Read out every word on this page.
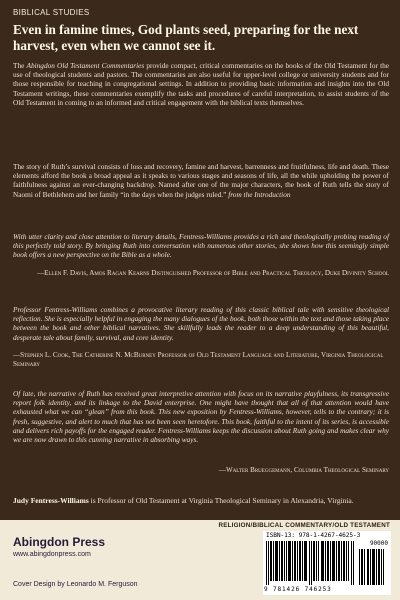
BIBLICAL STUDIES
Even in famine times, God plants seed, preparing for the next harvest, even when we cannot see it.

The Abingdon Old Testament Commentaries provide compact, critical commentaries on the books of the Old Testament for the use of theological students and pastors. The commentaries are also useful for upper-level college or university students and for those responsible for teaching in congregational settings. In addition to providing basic information and insights into the Old Testament writings, these commentaries exemplify the tasks and procedures of careful interpretation, to assist students of the Old Testament in coming to an informed and critical engagement with the biblical texts themselves.

The story of Ruth’s survival consists of loss and recovery, famine and harvest, barrenness and fruitfulness, life and death. These elements afford the book a broad appeal as it speaks to various stages and seasons of life, all the while upholding the power of faithfulness against an ever-changing backdrop. Named after one of the major characters, the book of Ruth tells the story of Naomi of Bethlehem and her family “in the days when the judges ruled.” from the Introduction

With utter clarity and close attention to literary details, Fentress-Williams provides a rich and theologically probing reading of this perfectly told story. By bringing Ruth into conversation with numerous other stories, she shows how this seemingly simple book offers a new perspective on the Bible as a whole.

—Ellen F. Davis, Amos Ragan Kearns Distinguished Professor of Bible and Practical Theology, Duke Divinity School

Professor Fentress-Williams combines a provocative literary reading of this classic biblical tale with sensitive theological reflection. She is especially helpful in engaging the many dialogues of the book, both those within the text and those taking place between the book and other biblical narratives. She skillfully leads the reader to a deep understanding of this beautiful, desperate tale about family, survival, and core identity.

—Stephen L. Cook, The Catherine N. McBurney Professor of Old Testament Language and Literature, Virginia Theological Seminary

Of late, the narrative of Ruth has received great interpretive attention with focus on its narrative playfulness, its transgressive report folk identity, and its linkage to the David enterprise. One might have thought that all of that attention would have exhausted what we can “glean” from this book. This new exposition by Fentress-Williams, however, tells to the contrary; it is fresh, suggestive, and alert to much that has not been seen heretofore. This book, faithful to the intent of its series, is accessible and delivers rich payoffs for the engaged reader. Fentress-Williams keeps the discussion about Ruth going and makes clear why we are now drawn to this cunning narrative in absorbing ways.

—Walter Brueggemann, Columbia Theological Seminary

Judy Fentress-Williams is Professor of Old Testament at Virginia Theological Seminary in Alexandria, Virginia.

RELIGION/BIBLICAL COMMENTARY/OLD TESTAMENT
Abingdon Press
www.abingdonpress.com
Cover Design by Leonardo M. Ferguson
ISBN-13: 978-1-4267-4625-3
90000
9 781426 746253
